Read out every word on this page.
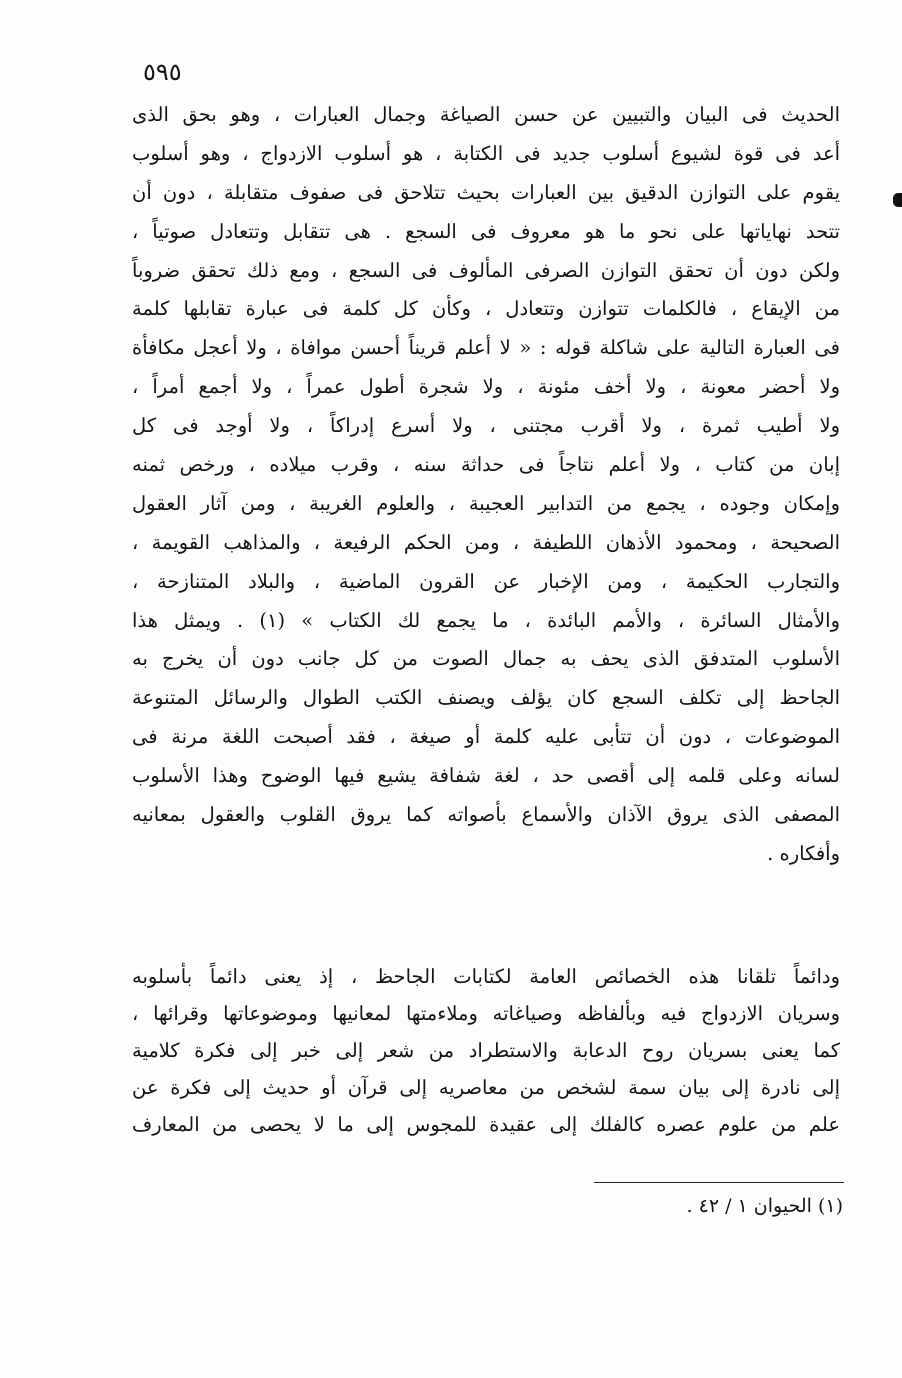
٥٩٥
الحديث فى البيان والتبيين عن حسن الصياغة وجمال العبارات ، وهو بحق الذى
أعد فى قوة لشيوع أسلوب جديد فى الكتابة ، هو أسلوب الازدواج ، وهو أسلوب
يقوم على التوازن الدقيق بين العبارات بحيث تتلاحق فى صفوف متقابلة ، دون أن
تتحد نهاياتها على نحو ما هو معروف فى السجع . هى تتقابل وتتعادل صوتياً ،
ولكن دون أن تحقق التوازن الصرفى المألوف فى السجع ، ومع ذلك تحقق ضروباً
من الإيقاع ، فالكلمات تتوازن وتتعادل ، وكأن كل كلمة فى عبارة تقابلها كلمة
فى العبارة التالية على شاكلة قوله : « لا أعلم قريناً أحسن موافاة ، ولا أعجل مكافأة
ولا أحضر معونة ، ولا أخف مئونة ، ولا شجرة أطول عمراً ، ولا أجمع أمراً ،
ولا أطيب ثمرة ، ولا أقرب مجتنى ، ولا أسرع إدراكاً ، ولا أوجد فى كل
إبان من كتاب ، ولا أعلم نتاجاً فى حداثة سنه ، وقرب ميلاده ، ورخص ثمنه
وإمكان وجوده ، يجمع من التدابير العجيبة ، والعلوم الغريبة ، ومن آثار العقول
الصحيحة ، ومحمود الأذهان اللطيفة ، ومن الحكم الرفيعة ، والمذاهب القويمة ،
والتجارب الحكيمة ، ومن الإخبار عن القرون الماضية ، والبلاد المتنازحة ،
والأمثال السائرة ، والأمم البائدة ، ما يجمع لك الكتاب » (١) . ويمثل هذا
الأسلوب المتدفق الذى يحف به جمال الصوت من كل جانب دون أن يخرج به
الجاحظ إلى تكلف السجع كان يؤلف ويصنف الكتب الطوال والرسائل المتنوعة
الموضوعات ، دون أن تتأبى عليه كلمة أو صيغة ، فقد أصبحت اللغة مرنة فى
لسانه وعلى قلمه إلى أقصى حد ، لغة شفافة يشيع فيها الوضوح وهذا الأسلوب
المصفى الذى يروق الآذان والأسماع بأصواته كما يروق القلوب والعقول بمعانيه
وأفكاره .
ودائماً تلقانا هذه الخصائص العامة لكتابات الجاحظ ، إذ يعنى دائماً بأسلوبه
وسريان الازدواج فيه وبألفاظه وصياغاته وملاءمتها لمعانيها وموضوعاتها وقرائها ،
كما يعنى بسريان روح الدعابة والاستطراد من شعر إلى خبر إلى فكرة كلامية
إلى نادرة إلى بيان سمة لشخص من معاصريه إلى قرآن أو حديث إلى فكرة عن
علم من علوم عصره كالفلك إلى عقيدة للمجوس إلى ما لا يحصى من المعارف
(١) الحيوان ١ / ٤٢ .
